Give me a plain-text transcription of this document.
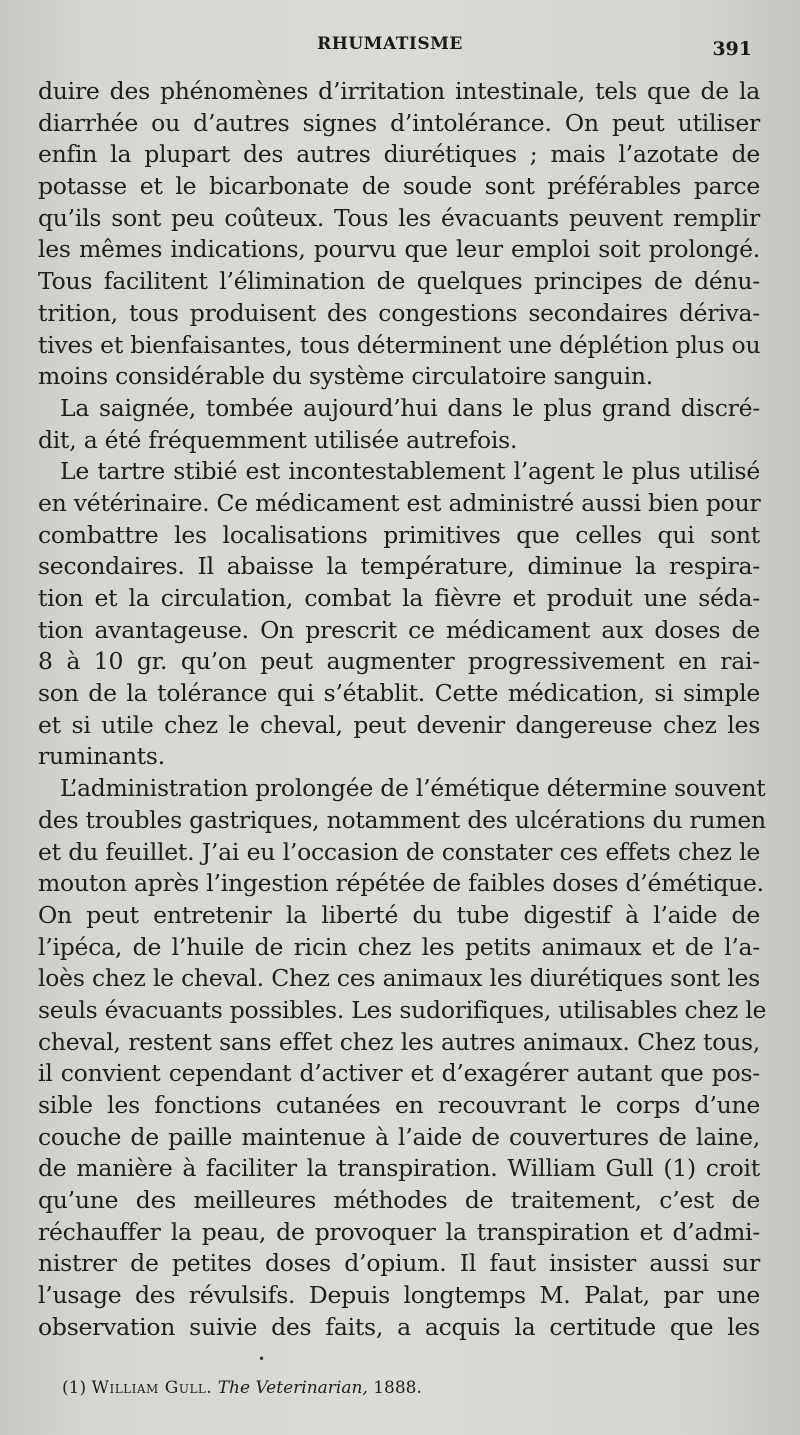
RHUMATISME	391
duire des phénomènes d’irritation intestinale, tels que de la
diarrhée ou d’autres signes d’intolérance. On peut utiliser
enfin la plupart des autres diurétiques ; mais l’azotate de
potasse et le bicarbonate de soude sont préférables parce
qu’ils sont peu coûteux. Tous les évacuants peuvent remplir
les mêmes indications, pourvu que leur emploi soit prolongé.
Tous facilitent l’élimination de quelques principes de dénu-
trition, tous produisent des congestions secondaires dériva-
tives et bienfaisantes, tous déterminent une déplétion plus ou
moins considérable du système circulatoire sanguin.
La saignée, tombée aujourd’hui dans le plus grand discré-
dit, a été fréquemment utilisée autrefois.
Le tartre stibié est incontestablement l’agent le plus utilisé
en vétérinaire. Ce médicament est administré aussi bien pour
combattre les localisations primitives que celles qui sont
secondaires. Il abaisse la température, diminue la respira-
tion et la circulation, combat la fièvre et produit une séda-
tion avantageuse. On prescrit ce médicament aux doses de
8 à 10 gr. qu’on peut augmenter progressivement en rai-
son de la tolérance qui s’établit. Cette médication, si simple
et si utile chez le cheval, peut devenir dangereuse chez les
ruminants.
L’administration prolongée de l’émétique détermine souvent
des troubles gastriques, notamment des ulcérations du rumen
et du feuillet. J’ai eu l’occasion de constater ces effets chez le
mouton après l’ingestion répétée de faibles doses d’émétique.
On peut entretenir la liberté du tube digestif à l’aide de
l’ipéca, de l’huile de ricin chez les petits animaux et de l’a-
loès chez le cheval. Chez ces animaux les diurétiques sont les
seuls évacuants possibles. Les sudorifiques, utilisables chez le
cheval, restent sans effet chez les autres animaux. Chez tous,
il convient cependant d’activer et d’exagérer autant que pos-
sible les fonctions cutanées en recouvrant le corps d’une
couche de paille maintenue à l’aide de couvertures de laine,
de manière à faciliter la transpiration. William Gull (1) croit
qu’une des meilleures méthodes de traitement, c’est de
réchauffer la peau, de provoquer la transpiration et d’admi-
nistrer de petites doses d’opium. Il faut insister aussi sur
l’usage des révulsifs. Depuis longtemps M. Palat, par une
observation suivie des faits, a acquis la certitude que les
•
(1) William Gull. The Veterinarian, 1888.
